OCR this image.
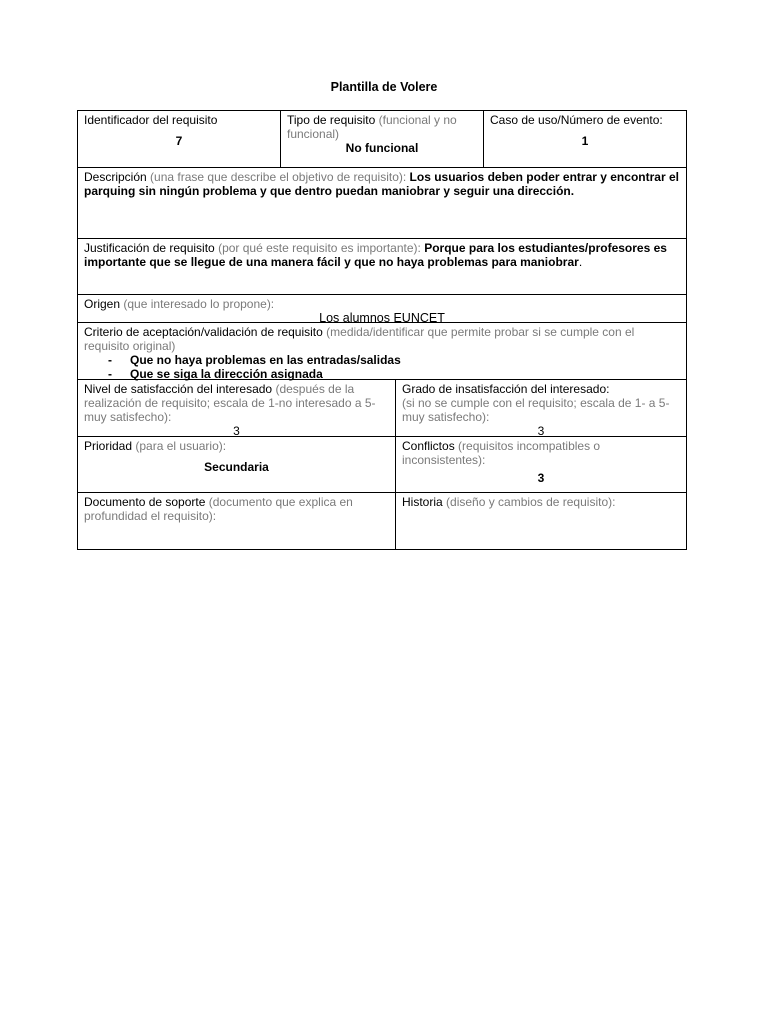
Plantilla de Volere
Identificador del requisito
7
Tipo de requisito (funcional y no funcional)
No funcional
Caso de uso/Número de evento:
1
Descripción (una frase que describe el objetivo de requisito): Los usuarios deben poder entrar y encontrar el parquing sin ningún problema y que dentro puedan maniobrar y seguir una dirección.
Justificación de requisito (por qué este requisito es importante): Porque para los estudiantes/profesores es importante que se llegue de una manera fácil y que no haya problemas para maniobrar.
Origen (que interesado lo propone):
Los alumnos EUNCET
Criterio de aceptación/validación de requisito (medida/identificar que permite probar si se cumple con el requisito original)
- Que no haya problemas en las entradas/salidas
- Que se siga la dirección asignada
Nivel de satisfacción del interesado (después de la realización de requisito; escala de 1-no interesado a 5-muy satisfecho):
3
Grado de insatisfacción del interesado:
(si no se cumple con el requisito; escala de 1- a 5-muy satisfecho):
3
Prioridad (para el usuario):
Secundaria
Conflictos (requisitos incompatibles o inconsistentes):
3
Documento de soporte (documento que explica en profundidad el requisito):
Historia (diseño y cambios de requisito):
